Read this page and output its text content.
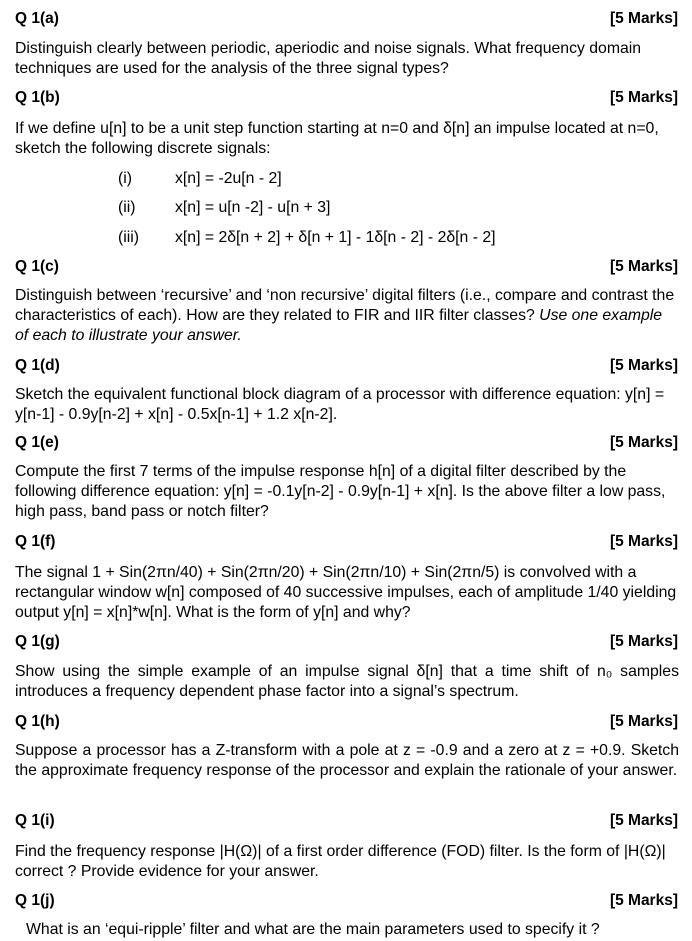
Q 1(a)	[5 Marks]

Distinguish clearly between periodic, aperiodic and noise signals. What frequency domain techniques are used for the analysis of the three signal types?

Q 1(b)	[5 Marks]

If we define u[n] to be a unit step function starting at n=0 and δ[n] an impulse located at n=0, sketch the following discrete signals:

(i)	x[n] = -2u[n - 2]
(ii) x[n] = u[n -2] - u[n + 3]
(iii) x[n] = 2δ[n + 2] + δ[n + 1] - 1δ[n - 2] - 2δ[n - 2]
Q 1(c)	[5 Marks]

Distinguish between ‘recursive’ and ‘non recursive’ digital filters (i.e., compare and contrast the characteristics of each). How are they related to FIR and IIR filter classes? Use one example of each to illustrate your answer.

Q 1(d)	[5 Marks]

Sketch the equivalent functional block diagram of a processor with difference equation: y[n] = y[n-1] - 0.9y[n-2] + x[n] - 0.5x[n-1] + 1.2 x[n-2].

Q 1(e)	[5 Marks]

Compute the first 7 terms of the impulse response h[n] of a digital filter described by the following difference equation: y[n] = -0.1y[n-2] - 0.9y[n-1] + x[n]. Is the above filter a low pass, high pass, band pass or notch filter?

Q 1(f)	[5 Marks]

The signal 1 + Sin(2πn/40) + Sin(2πn/20) + Sin(2πn/10) + Sin(2πn/5) is convolved with a rectangular window w[n] composed of 40 successive impulses, each of amplitude 1/40 yielding output y[n] = x[n]*w[n]. What is the form of y[n] and why?

Q 1(g)	[5 Marks]

Show using the simple example of an impulse signal δ[n] that a time shift of n₀ samples introduces a frequency dependent phase factor into a signal’s spectrum.

Q 1(h)	[5 Marks]

Suppose a processor has a Z-transform with a pole at z = -0.9 and a zero at z = +0.9. Sketch the approximate frequency response of the processor and explain the rationale of your answer.

Q 1(i)	[5 Marks]

Find the frequency response |H(Ω)| of a first order difference (FOD) filter. Is the form of |H(Ω)| correct ? Provide evidence for your answer.

Q 1(j)	[5 Marks]

What is an ‘equi-ripple’ filter and what are the main parameters used to specify it ?
